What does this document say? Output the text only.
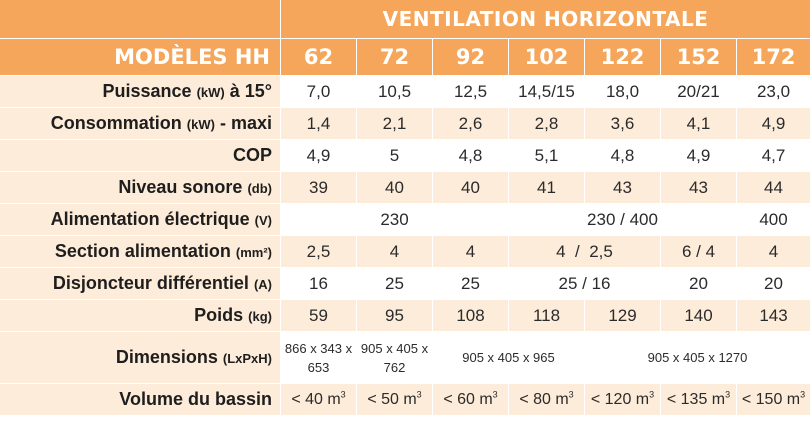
	VENTILATION HORIZONTALE						
MODÈLES HH	62	72	92	102	122	152	172
Puissance (kW) à 15°	7,0	10,5	12,5	14,5/15	18,0	20/21	23,0
Consommation (kW) - maxi	1,4	2,1	2,6	2,8	3,6	4,1	4,9
COP	4,9	5	4,8	5,1	4,8	4,9	4,7
Niveau sonore (db)	39	40	40	41	43	43	44
Alimentation électrique (V)	230			230 / 400			400
Section alimentation (mm²)	2,5	4	4	4  /  2,5		6 / 4	4
Disjoncteur différentiel (A)	16	25	25	25 / 16		20	20
Poids (kg)	59	95	108	118	129	140	143
Dimensions (LxPxH)	866 x 343 x 653	905 x 405 x 762	905 x 405 x 965		905 x 405 x 1270		
Volume du bassin	< 40 $m^3$	< 50 $m^3$	< 60 $m^3$	< 80 $m^3$	< 120 $m^3$	< 135 $m^3$	< 150 $m^3$
